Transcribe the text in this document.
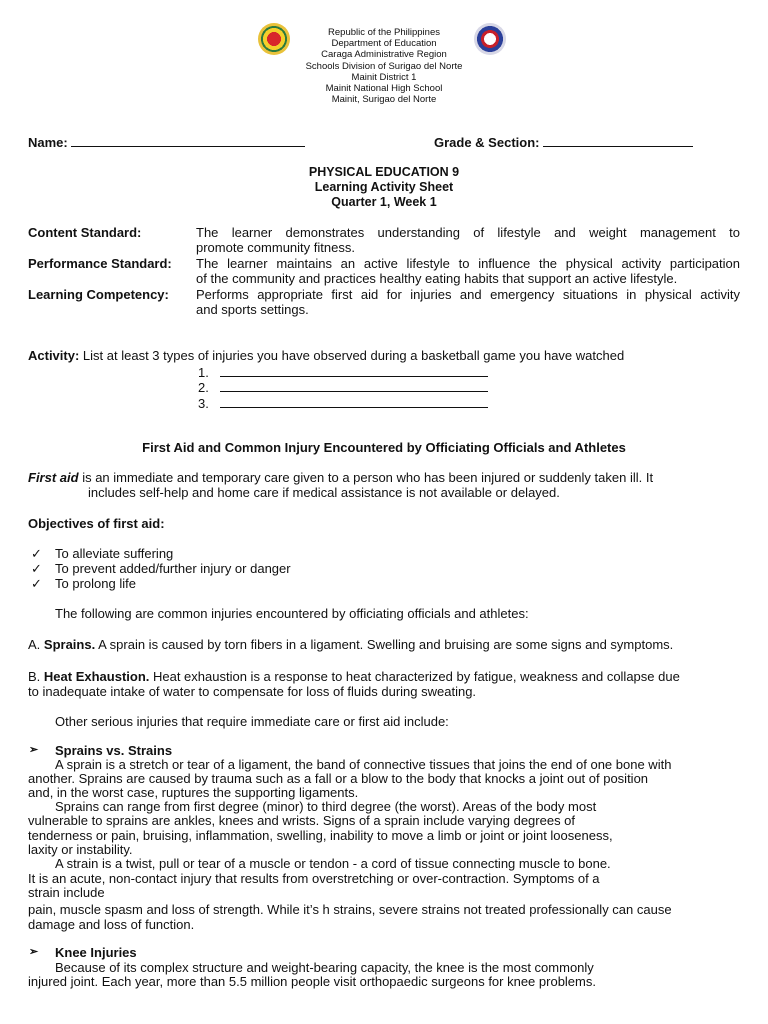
Republic of the Philippines
Department of Education
Caraga Administrative Region
Schools Division of Surigao del Norte
Mainit District 1
Mainit National High School
Mainit, Surigao del Norte
Name:	Grade & Section:
PHYSICAL EDUCATION 9
Learning Activity Sheet
Quarter 1, Week 1
Content Standard:	The learner demonstrates understanding of lifestyle and weight management to
promote community fitness.
Performance Standard: The learner maintains an active lifestyle to influence the physical activity participation
of the community and practices healthy eating habits that support an active lifestyle.
Learning Competency: Performs appropriate first aid for injuries and emergency situations in physical activity
and sports settings.
Activity: List at least 3 types of injuries you have observed during a basketball game you have watched
1.
2.
3.
First Aid and Common Injury Encountered by Officiating Officials and Athletes
First aid is an immediate and temporary care given to a person who has been injured or suddenly taken ill. It
includes self-help and home care if medical assistance is not available or delayed.
Objectives of first aid:
✓ To alleviate suffering
✓ To prevent added/further injury or danger
✓ To prolong life
The following are common injuries encountered by officiating officials and athletes:
A. Sprains. A sprain is caused by torn fibers in a ligament. Swelling and bruising are some signs and symptoms.
B. Heat Exhaustion. Heat exhaustion is a response to heat characterized by fatigue, weakness and collapse due
to inadequate intake of water to compensate for loss of fluids during sweating.
Other serious injuries that require immediate care or first aid include:
➢ Sprains vs. Strains
A sprain is a stretch or tear of a ligament, the band of connective tissues that joins the end of one bone with
another. Sprains are caused by trauma such as a fall or a blow to the body that knocks a joint out of position
and, in the worst case, ruptures the supporting ligaments.
Sprains can range from first degree (minor) to third degree (the worst). Areas of the body most
vulnerable to sprains are ankles, knees and wrists. Signs of a sprain include varying degrees of
tenderness or pain, bruising, inflammation, swelling, inability to move a limb or joint or joint looseness,
laxity or instability.
A strain is a twist, pull or tear of a muscle or tendon - a cord of tissue connecting muscle to bone.
It is an acute, non-contact injury that results from overstretching or over-contraction. Symptoms of a
strain include
pain, muscle spasm and loss of strength. While it’s h strains, severe strains not treated professionally can cause
damage and loss of function.
➢ Knee Injuries
Because of its complex structure and weight-bearing capacity, the knee is the most commonly
injured joint. Each year, more than 5.5 million people visit orthopaedic surgeons for knee problems.
